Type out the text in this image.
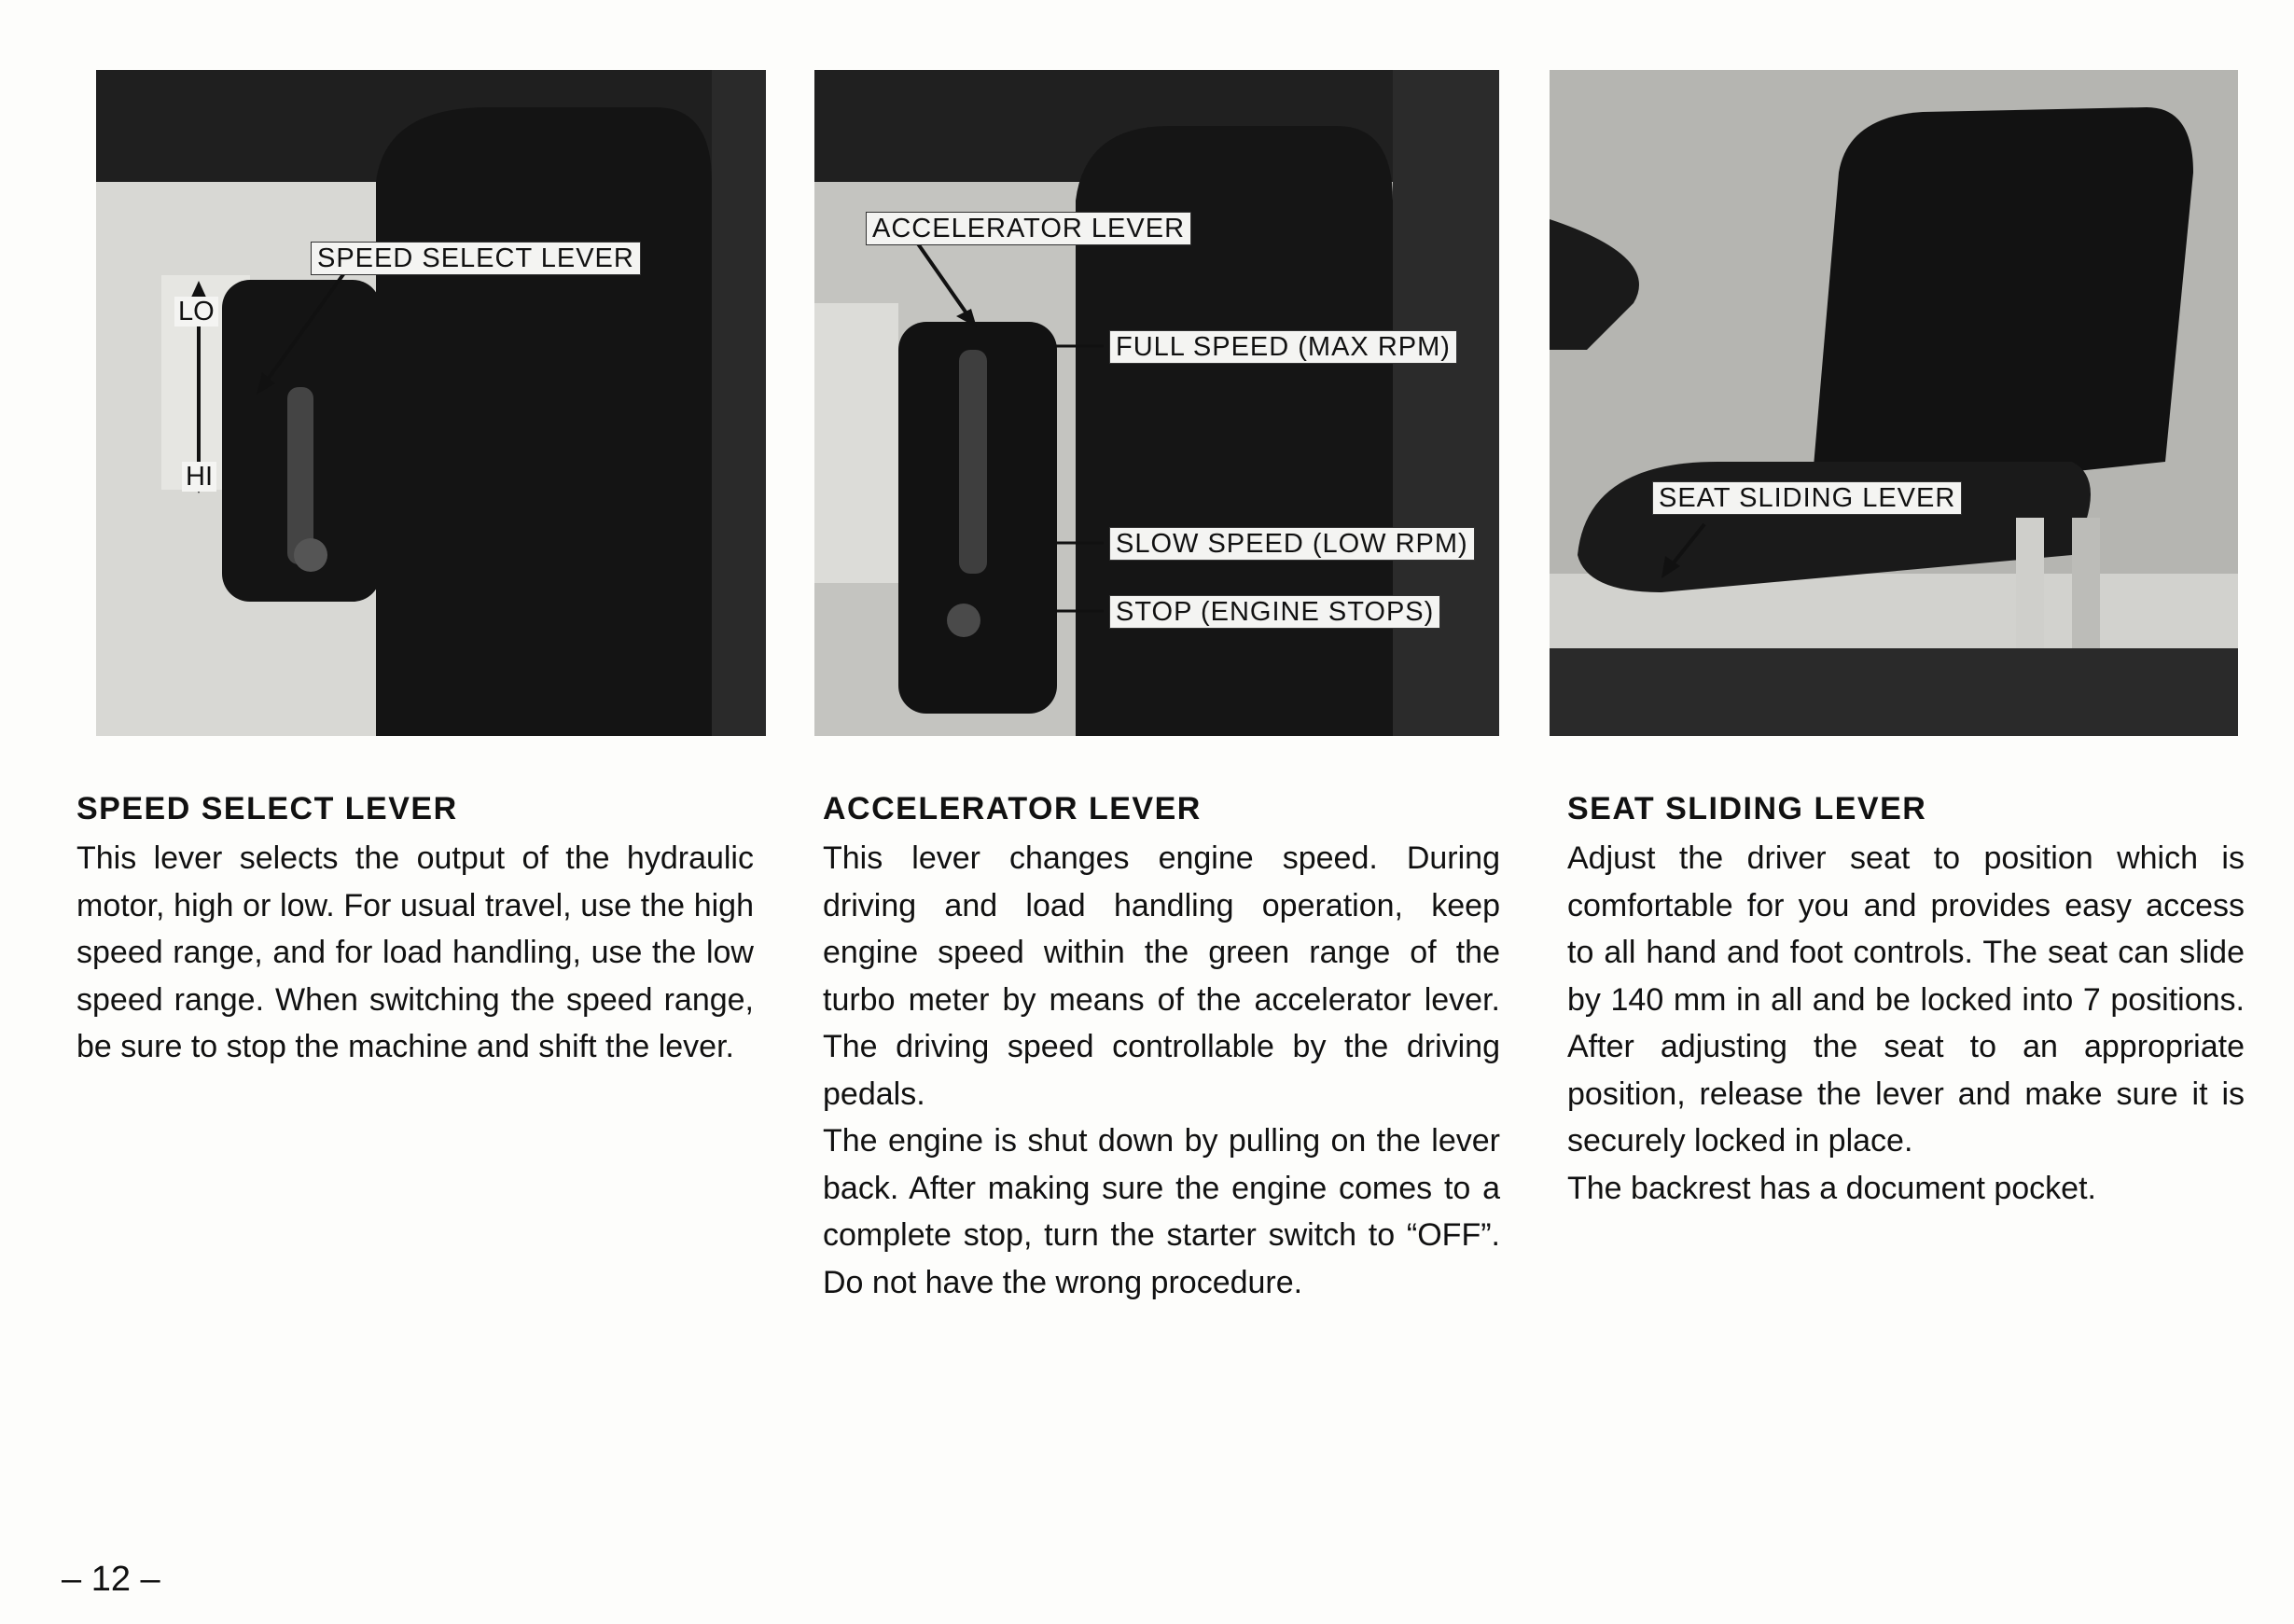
SPEED SELECT LEVER
LO
HI
ACCELERATOR LEVER
FULL SPEED (MAX RPM)
SLOW SPEED (LOW RPM)
STOP (ENGINE STOPS)
SEAT SLIDING LEVER
SPEED SELECT LEVER

This lever selects the output of the hydraulic motor, high or low. For usual travel, use the high speed range, and for load handling, use the low speed range. When switching the speed range, be sure to stop the machine and shift the lever.

ACCELERATOR LEVER

This lever changes engine speed. During driving and load handling operation, keep engine speed within the green range of the turbo meter by means of the accelerator lever. The driving speed controllable by the driving pedals.

The engine is shut down by pulling on the lever back. After making sure the engine comes to a complete stop, turn the starter switch to “OFF”. Do not have the wrong procedure.

SEAT SLIDING LEVER

Adjust the driver seat to position which is comfortable for you and provides easy access to all hand and foot controls. The seat can slide by 140 mm in all and be locked into 7 positions. After adjusting the seat to an appropriate position, release the lever and make sure it is securely locked in place.

The backrest has a document pocket.

– 12 –
